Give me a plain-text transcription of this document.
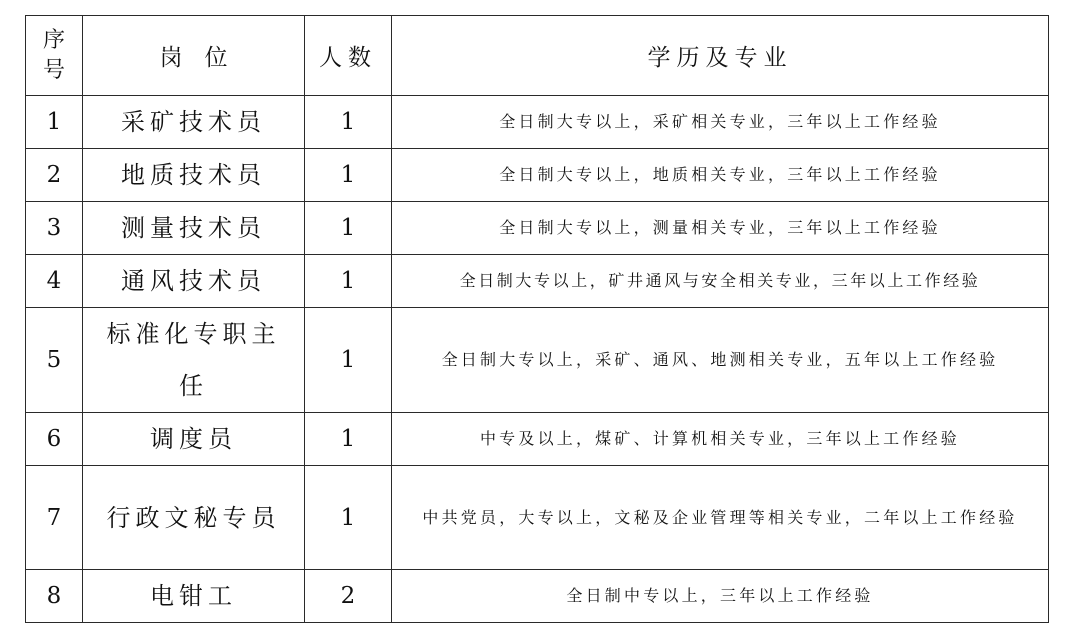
序号	岗位	人数	学历及专业
1	采矿技术员	1	全日制大专以上，采矿相关专业，三年以上工作经验

2	地质技术员	1	全日制大专以上，地质相关专业，三年以上工作经验

3	测量技术员	1	全日制大专以上，测量相关专业，三年以上工作经验

4	通风技术员	1	全日制大专以上，矿井通风与安全相关专业，三年以上工作经验

5	标准化专职主任	1	全日制大专以上，采矿、通风、地测相关专业，五年以上工作经验

6	调度员	1	中专及以上，煤矿、计算机相关专业，三年以上工作经验

7	行政文秘专员	1	中共党员，大专以上，文秘及企业管理等相关专业，二年以上工作经验

8	电钳工	2	全日制中专以上，三年以上工作经验
